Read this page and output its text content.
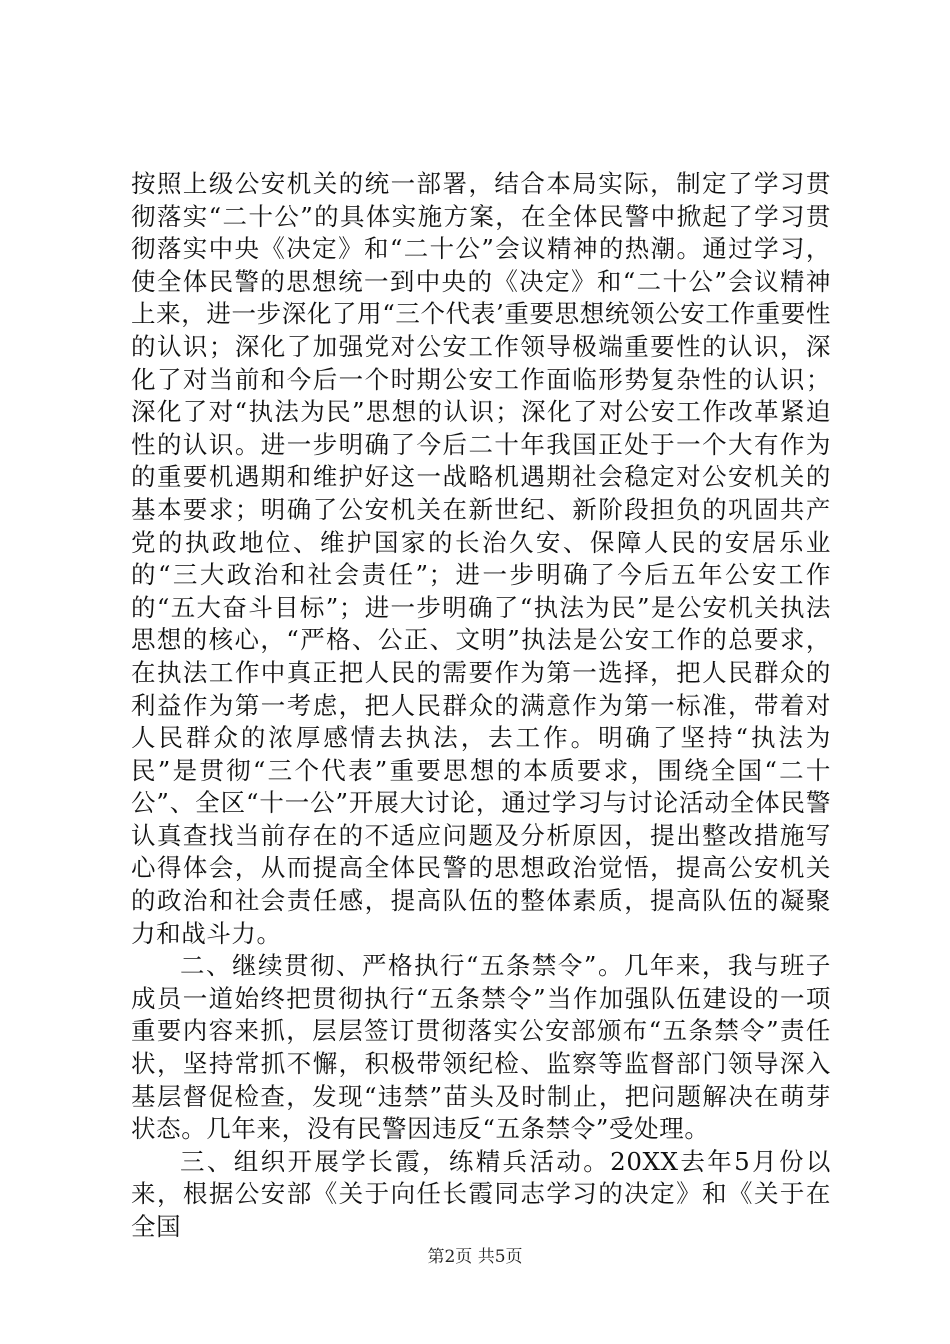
按照上级公安机关的统一部署，结合本局实际，制定了学习贯彻落实“二十公”的具体实施方案，在全体民警中掀起了学习贯彻落实中央《决定》和“二十公”会议精神的热潮。通过学习，使全体民警的思想统一到中央的《决定》和“二十公”会议精神上来，进一步深化了用“三个代表’重要思想统领公安工作重要性的认识；深化了加强党对公安工作领导极端重要性的认识，深化了对当前和今后一个时期公安工作面临形势复杂性的认识；深化了对“执法为民”思想的认识；深化了对公安工作改革紧迫性的认识。进一步明确了今后二十年我国正处于一个大有作为的重要机遇期和维护好这一战略机遇期社会稳定对公安机关的基本要求；明确了公安机关在新世纪、新阶段担负的巩固共产党的执政地位、维护国家的长治久安、保障人民的安居乐业的“三大政治和社会责任”；进一步明确了今后五年公安工作的“五大奋斗目标”；进一步明确了“执法为民”是公安机关执法思想的核心，“严格、公正、文明”执法是公安工作的总要求，在执法工作中真正把人民的需要作为第一选择，把人民群众的利益作为第一考虑，把人民群众的满意作为第一标准，带着对人民群众的浓厚感情去执法，去工作。明确了坚持“执法为民”是贯彻“三个代表”重要思想的本质要求，围绕全国“二十公”、全区“十一公”开展大讨论，通过学习与讨论活动全体民警认真查找当前存在的不适应问题及分析原因，提出整改措施写心得体会，从而提高全体民警的思想政治觉悟，提高公安机关的政治和社会责任感，提高队伍的整体素质，提高队伍的凝聚力和战斗力。

二、继续贯彻、严格执行“五条禁令”。几年来，我与班子成员一道始终把贯彻执行“五条禁令”当作加强队伍建设的一项重要内容来抓，层层签订贯彻落实公安部颁布“五条禁令”责任状，坚持常抓不懈，积极带领纪检、监察等监督部门领导深入基层督促检查，发现“违禁”苗头及时制止，把问题解决在萌芽状态。几年来，没有民警因违反“五条禁令”受处理。

三、组织开展学长霞，练精兵活动。20XX去年5月份以来，根据公安部《关于向任长霞同志学习的决定》和《关于在全国

第2页 共5页
